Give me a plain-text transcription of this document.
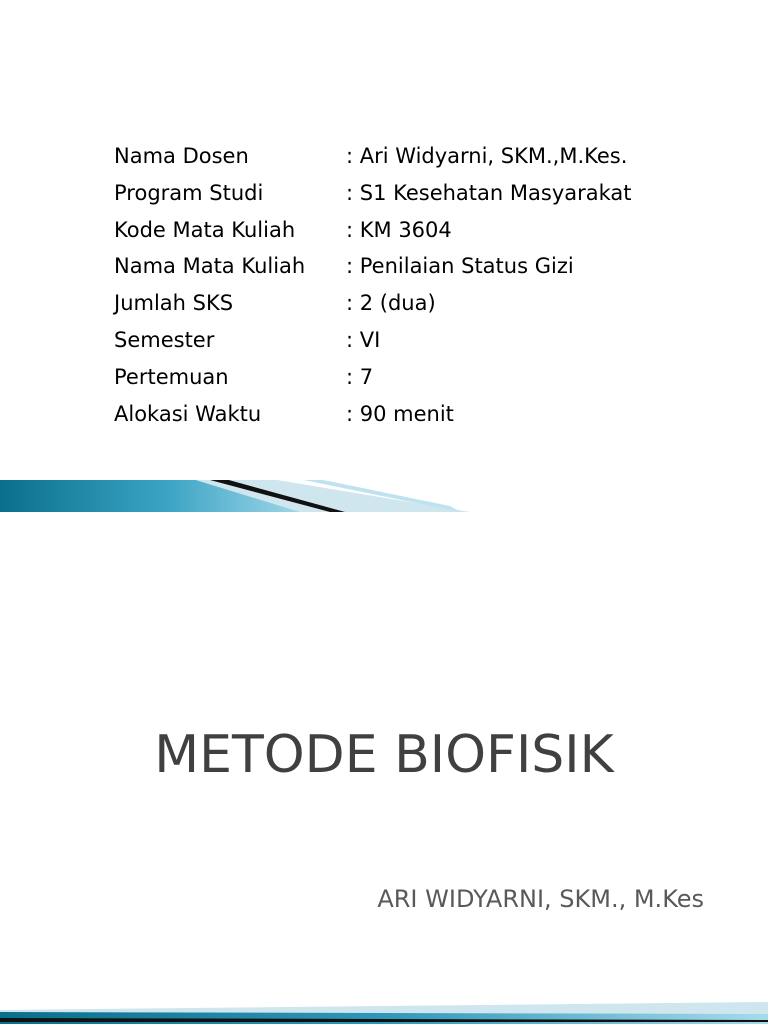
Nama Dosen	: Ari Widyarni, SKM.,M.Kes.
Program Studi	: S1 Kesehatan Masyarakat
Kode Mata Kuliah	: KM 3604
Nama Mata Kuliah	: Penilaian Status Gizi
Jumlah SKS	: 2 (dua)
Semester	: VI
Pertemuan	: 7
Alokasi Waktu	: 90 menit
METODE BIOFISIK
ARI WIDYARNI, SKM., M.Kes
